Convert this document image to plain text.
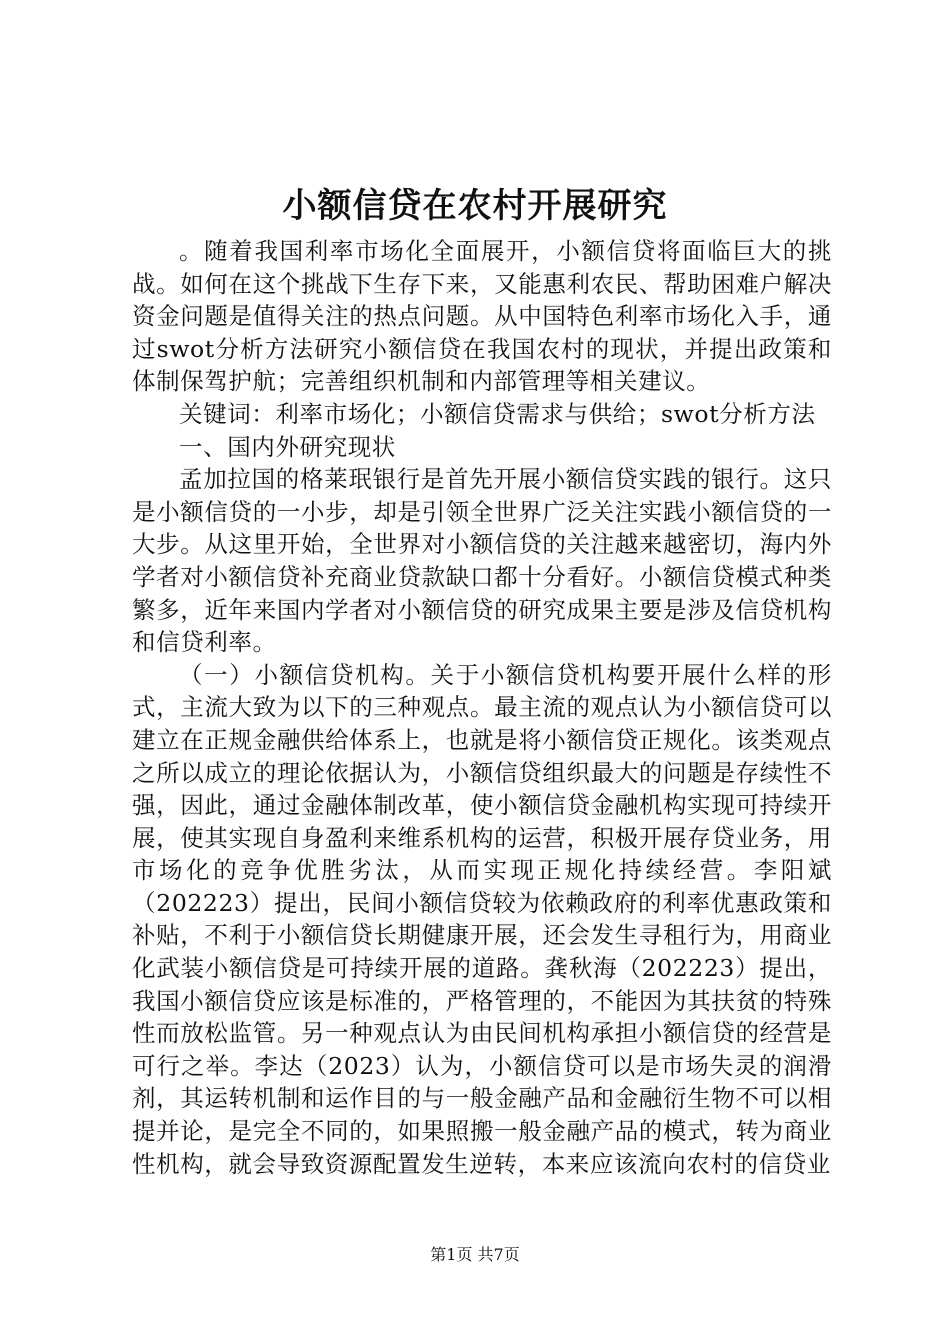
小额信贷在农村开展研究

。随着我国利率市场化全面展开，小额信贷将面临巨大的挑战。如何在这个挑战下生存下来，又能惠利农民、帮助困难户解决资金问题是值得关注的热点问题。从中国特色利率市场化入手，通过swot分析方法研究小额信贷在我国农村的现状，并提出政策和体制保驾护航；完善组织机制和内部管理等相关建议。

关键词：利率市场化；小额信贷需求与供给；swot分析方法

一、国内外研究现状

孟加拉国的格莱珉银行是首先开展小额信贷实践的银行。这只是小额信贷的一小步，却是引领全世界广泛关注实践小额信贷的一大步。从这里开始，全世界对小额信贷的关注越来越密切，海内外学者对小额信贷补充商业贷款缺口都十分看好。小额信贷模式种类繁多，近年来国内学者对小额信贷的研究成果主要是涉及信贷机构和信贷利率。

（一）小额信贷机构。关于小额信贷机构要开展什么样的形式，主流大致为以下的三种观点。最主流的观点认为小额信贷可以建立在正规金融供给体系上，也就是将小额信贷正规化。该类观点之所以成立的理论依据认为，小额信贷组织最大的问题是存续性不强，因此，通过金融体制改革，使小额信贷金融机构实现可持续开展，使其实现自身盈利来维系机构的运营，积极开展存贷业务，用市场化的竞争优胜劣汰，从而实现正规化持续经营。李阳斌（202223）提出，民间小额信贷较为依赖政府的利率优惠政策和补贴，不利于小额信贷长期健康开展，还会发生寻租行为，用商业化武装小额信贷是可持续开展的道路。龚秋海（202223）提出，我国小额信贷应该是标准的，严格管理的，不能因为其扶贫的特殊性而放松监管。另一种观点认为由民间机构承担小额信贷的经营是可行之举。李达（2023）认为，小额信贷可以是市场失灵的润滑剂，其运转机制和运作目的与一般金融产品和金融衍生物不可以相提并论，是完全不同的，如果照搬一般金融产品的模式，转为商业性机构，就会导致资源配置发生逆转，本来应该流向农村的信贷业

第1页 共7页
